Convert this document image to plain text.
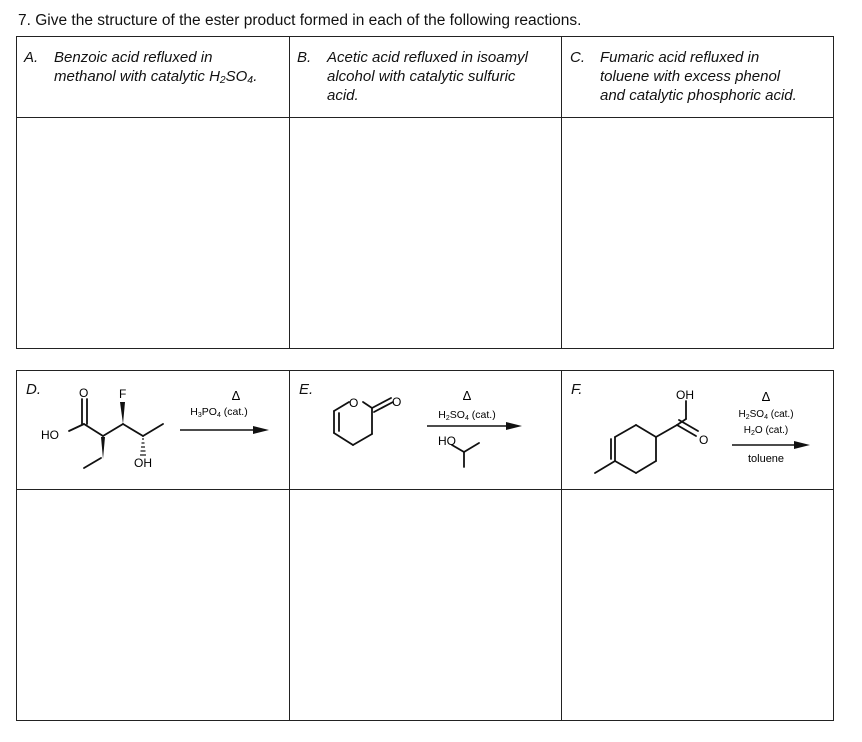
7. Give the structure of the ester product formed in each of the following reactions.
A. Benzoic acid refluxed in
methanol with catalytic H₂SO₄.
B. Acetic acid refluxed in isoamyl
alcohol with catalytic sulfuric
acid.
C. Fumaric acid refluxed in
toluene with excess phenol
and catalytic phosphoric acid.
D.	E.	F.
O	F
HO
OH
Δ
H3PO4 (cat.)
O	O	Δ
H2SO4 (cat.)
HO
OH
O
Δ
$H_2SO_4$ (cat.)
$H_2O$ (cat.)
toluene
